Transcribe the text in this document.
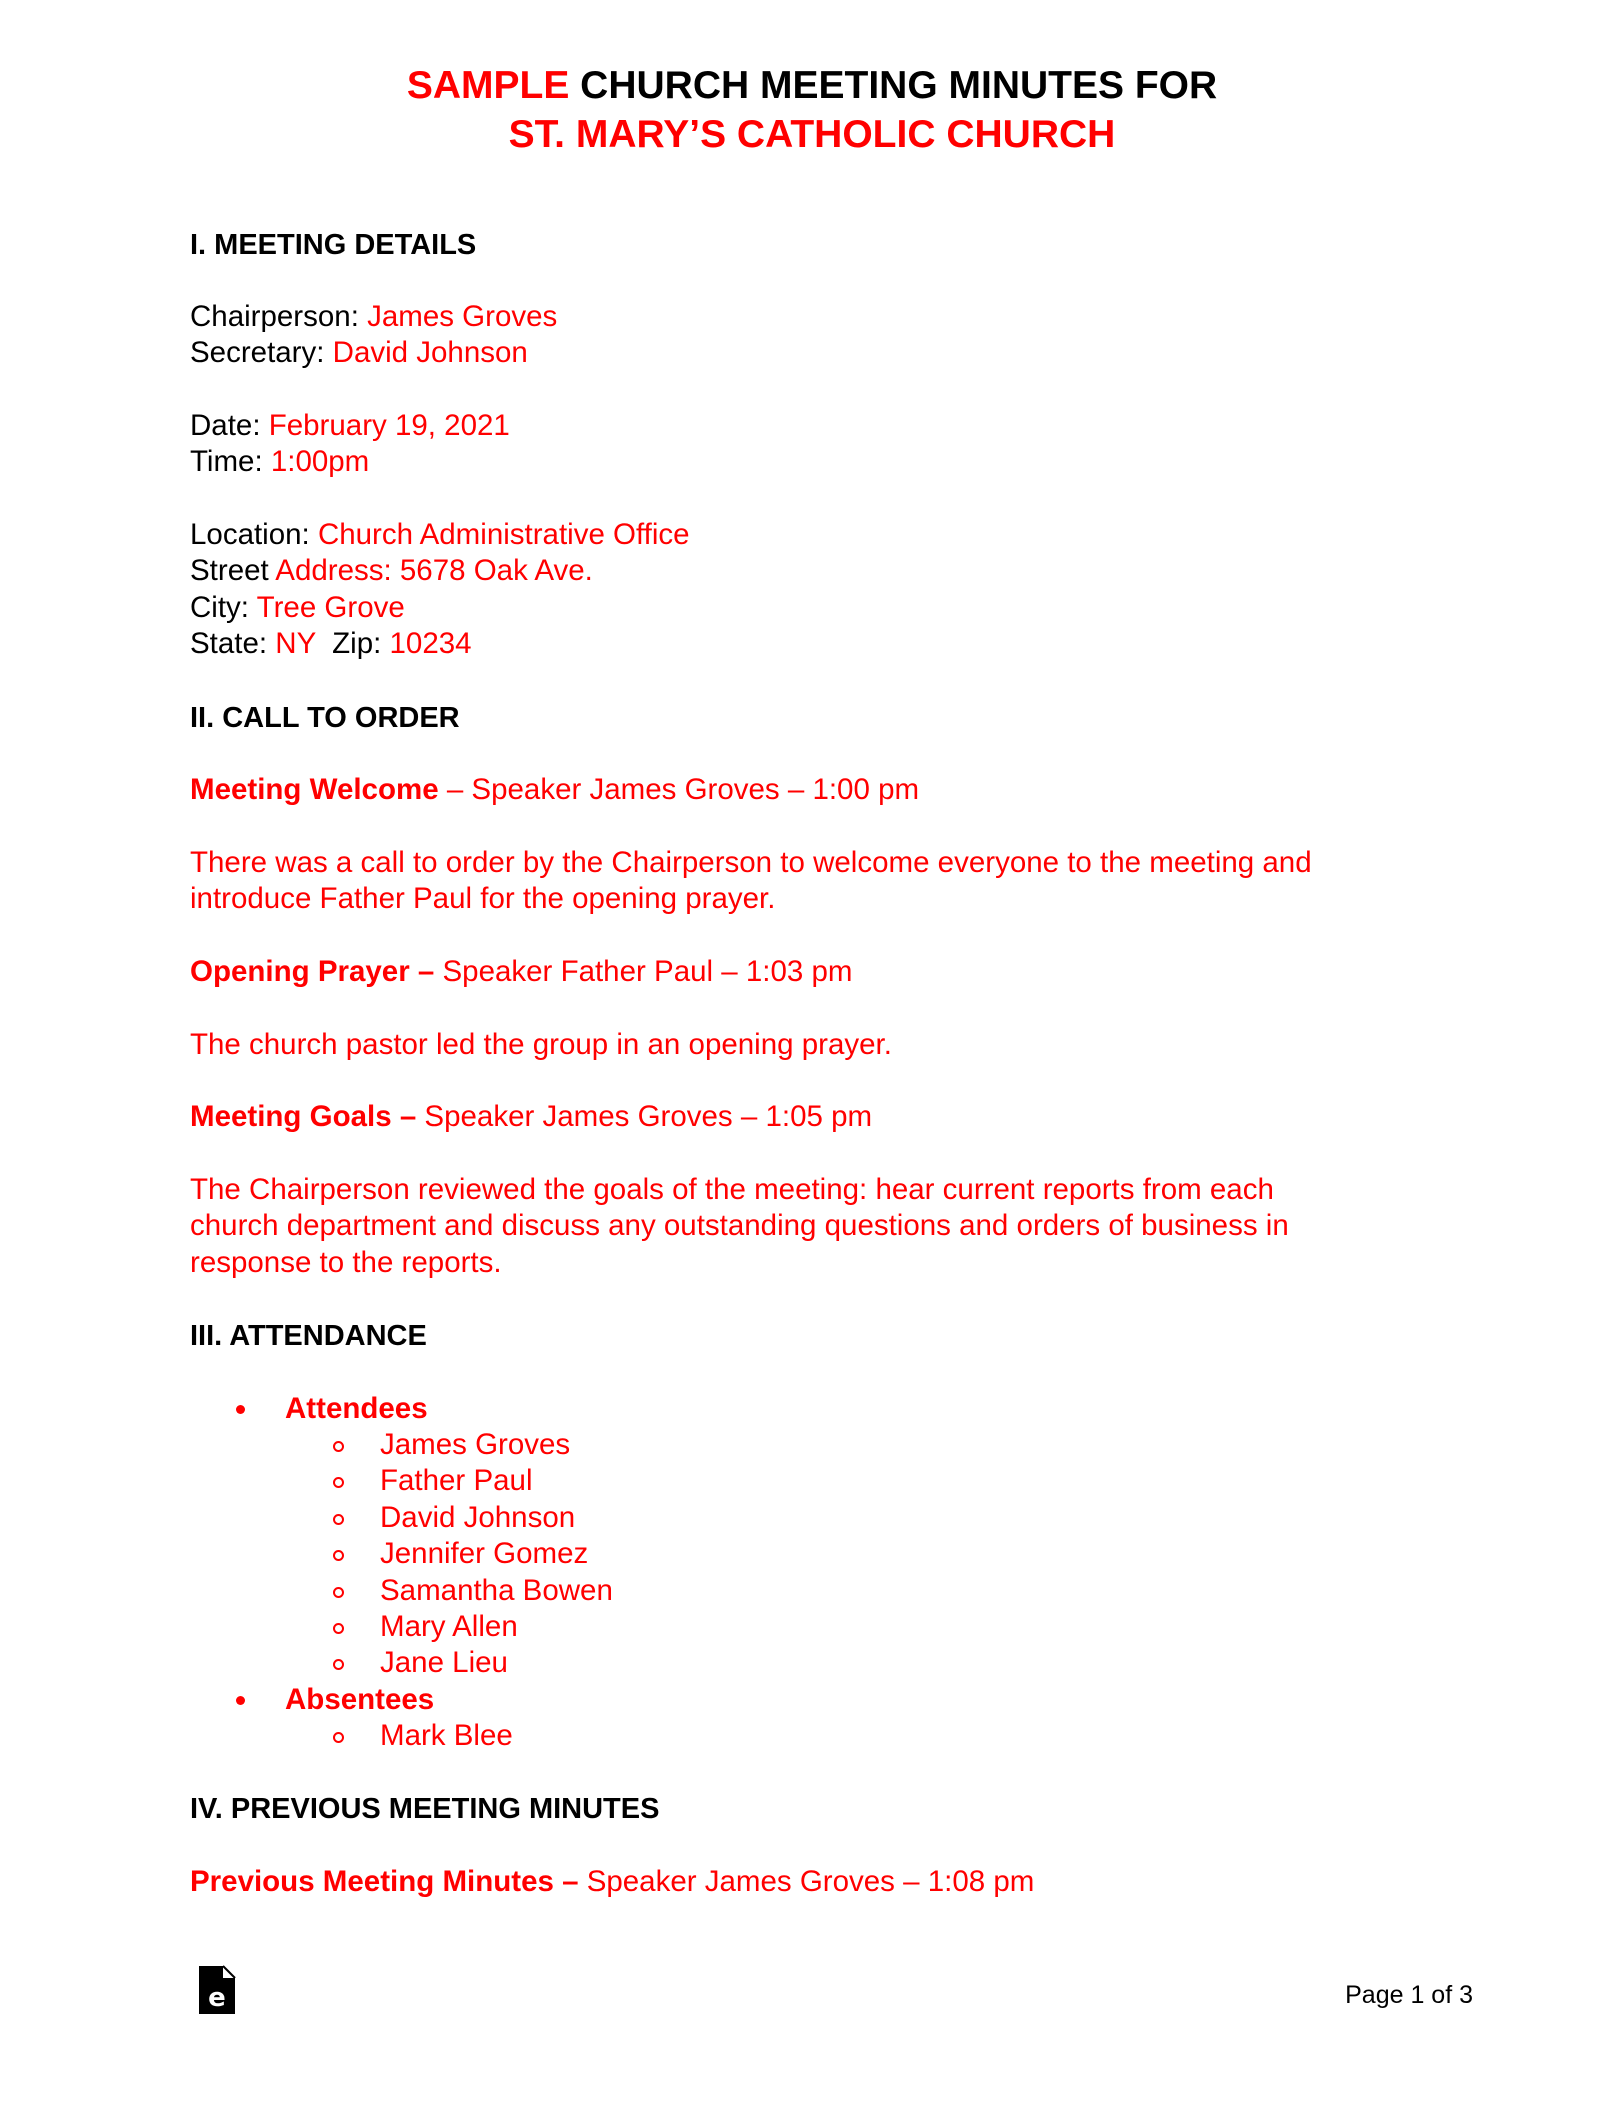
SAMPLE CHURCH MEETING MINUTES FOR
ST. MARY’S CATHOLIC CHURCH

I. MEETING DETAILS

Chairperson: James Groves

Secretary: David Johnson

Date: February 19, 2021

Time: 1:00pm

Location: Church Administrative Office

Street Address: 5678 Oak Ave.

City: Tree Grove

State: NY  Zip: 10234

II. CALL TO ORDER

Meeting Welcome – Speaker James Groves – 1:00 pm

There was a call to order by the Chairperson to welcome everyone to the meeting and

introduce Father Paul for the opening prayer.

Opening Prayer – Speaker Father Paul – 1:03 pm

The church pastor led the group in an opening prayer.

Meeting Goals – Speaker James Groves – 1:05 pm

The Chairperson reviewed the goals of the meeting: hear current reports from each

church department and discuss any outstanding questions and orders of business in

response to the reports.

III. ATTENDANCE

Attendees

James Groves

Father Paul

David Johnson

Jennifer Gomez

Samantha Bowen

Mary Allen

Jane Lieu

Absentees

Mark Blee

IV. PREVIOUS MEETING MINUTES

Previous Meeting Minutes – Speaker James Groves – 1:08 pm

e	Page 1 of 3
